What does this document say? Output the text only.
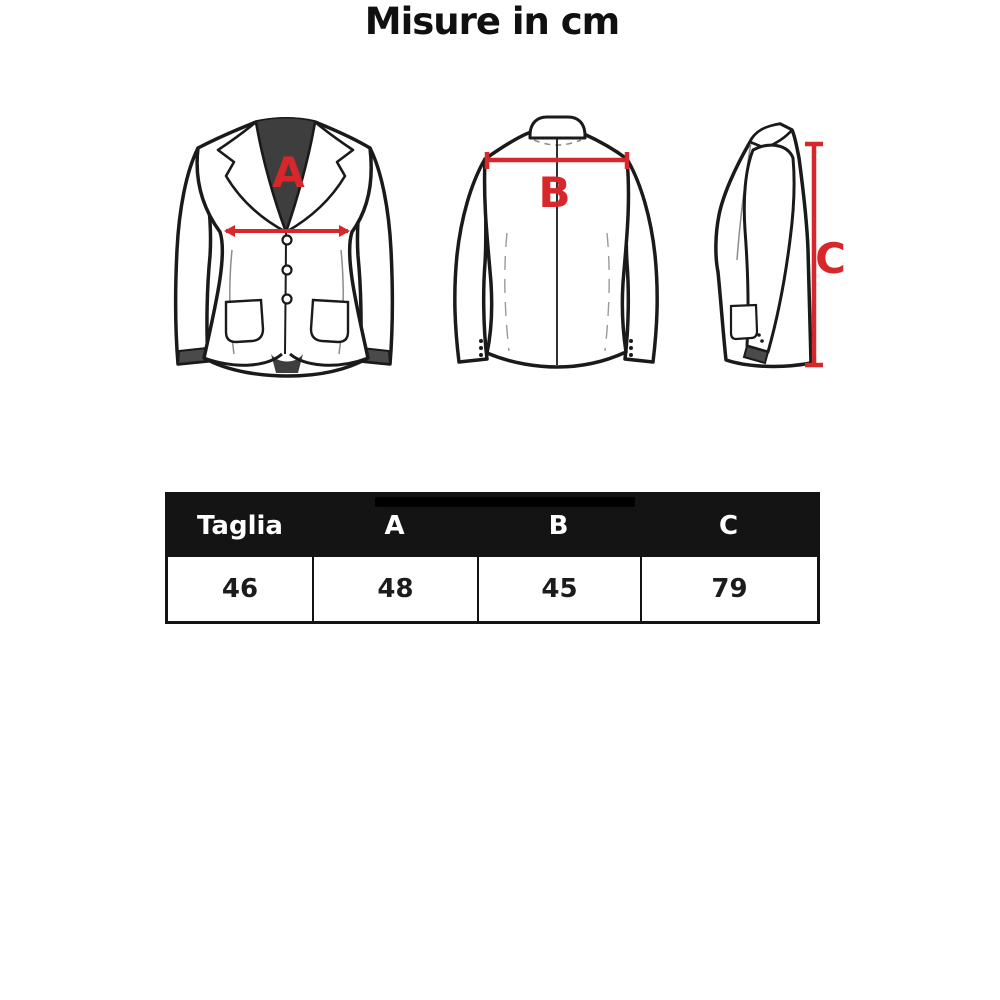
A	B
C
Misure in cm
Taglia	A	B	C
46	48	45	79
